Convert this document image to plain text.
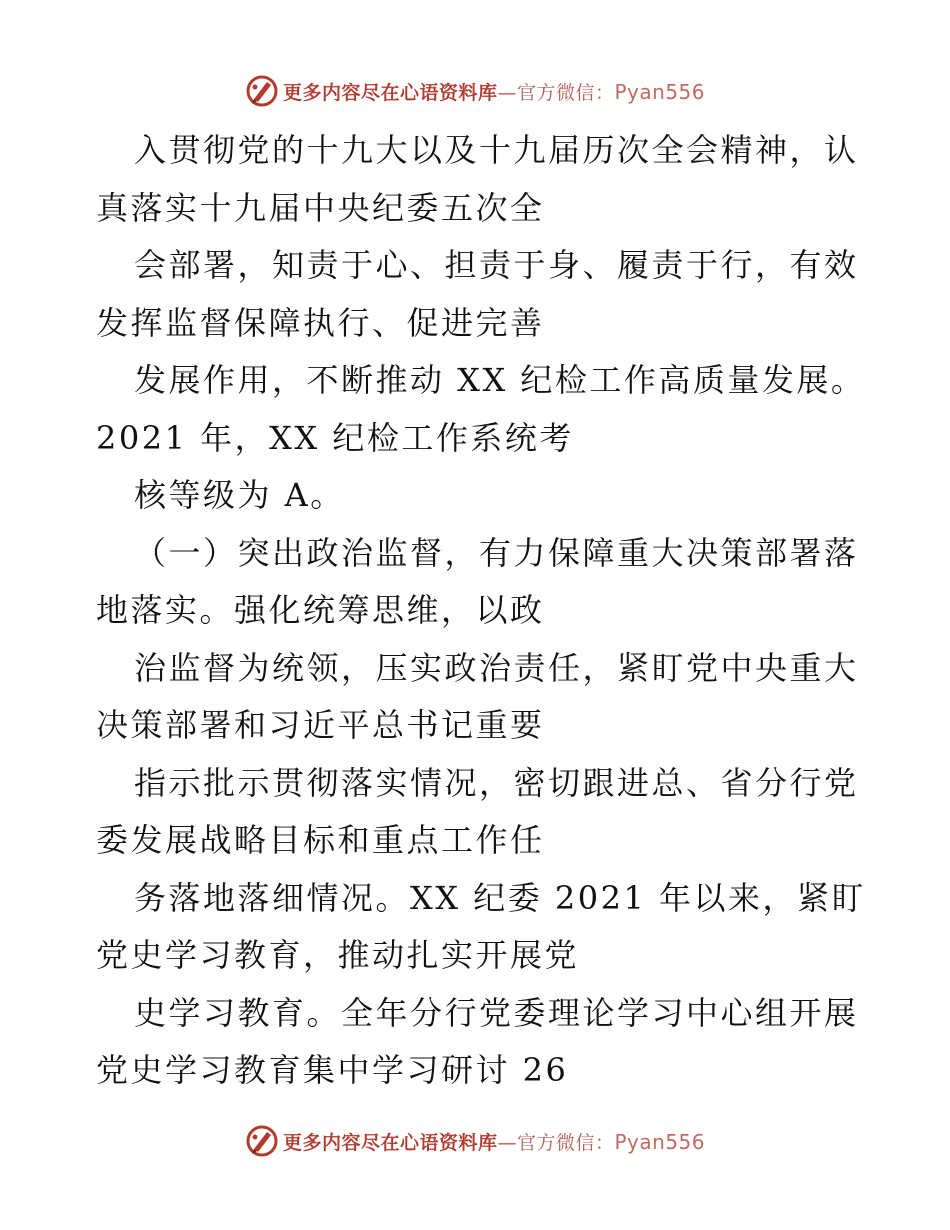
更多内容尽在心语资料库—官方微信：Pyan556
入贯彻党的十九大以及十九届历次全会精神，认
真落实十九届中央纪委五次全
会部署，知责于心、担责于身、履责于行，有效
发挥监督保障执行、促进完善
发展作用，不断推动 XX 纪检工作高质量发展。
2021 年，XX 纪检工作系统考
核等级为 A。
（一）突出政治监督，有力保障重大决策部署落
地落实。强化统筹思维，以政
治监督为统领，压实政治责任，紧盯党中央重大
决策部署和习近平总书记重要
指示批示贯彻落实情况，密切跟进总、省分行党
委发展战略目标和重点工作任
务落地落细情况。XX 纪委 2021 年以来，紧盯
党史学习教育，推动扎实开展党
史学习教育。全年分行党委理论学习中心组开展
党史学习教育集中学习研讨 26
更多内容尽在心语资料库—官方微信：Pyan556
